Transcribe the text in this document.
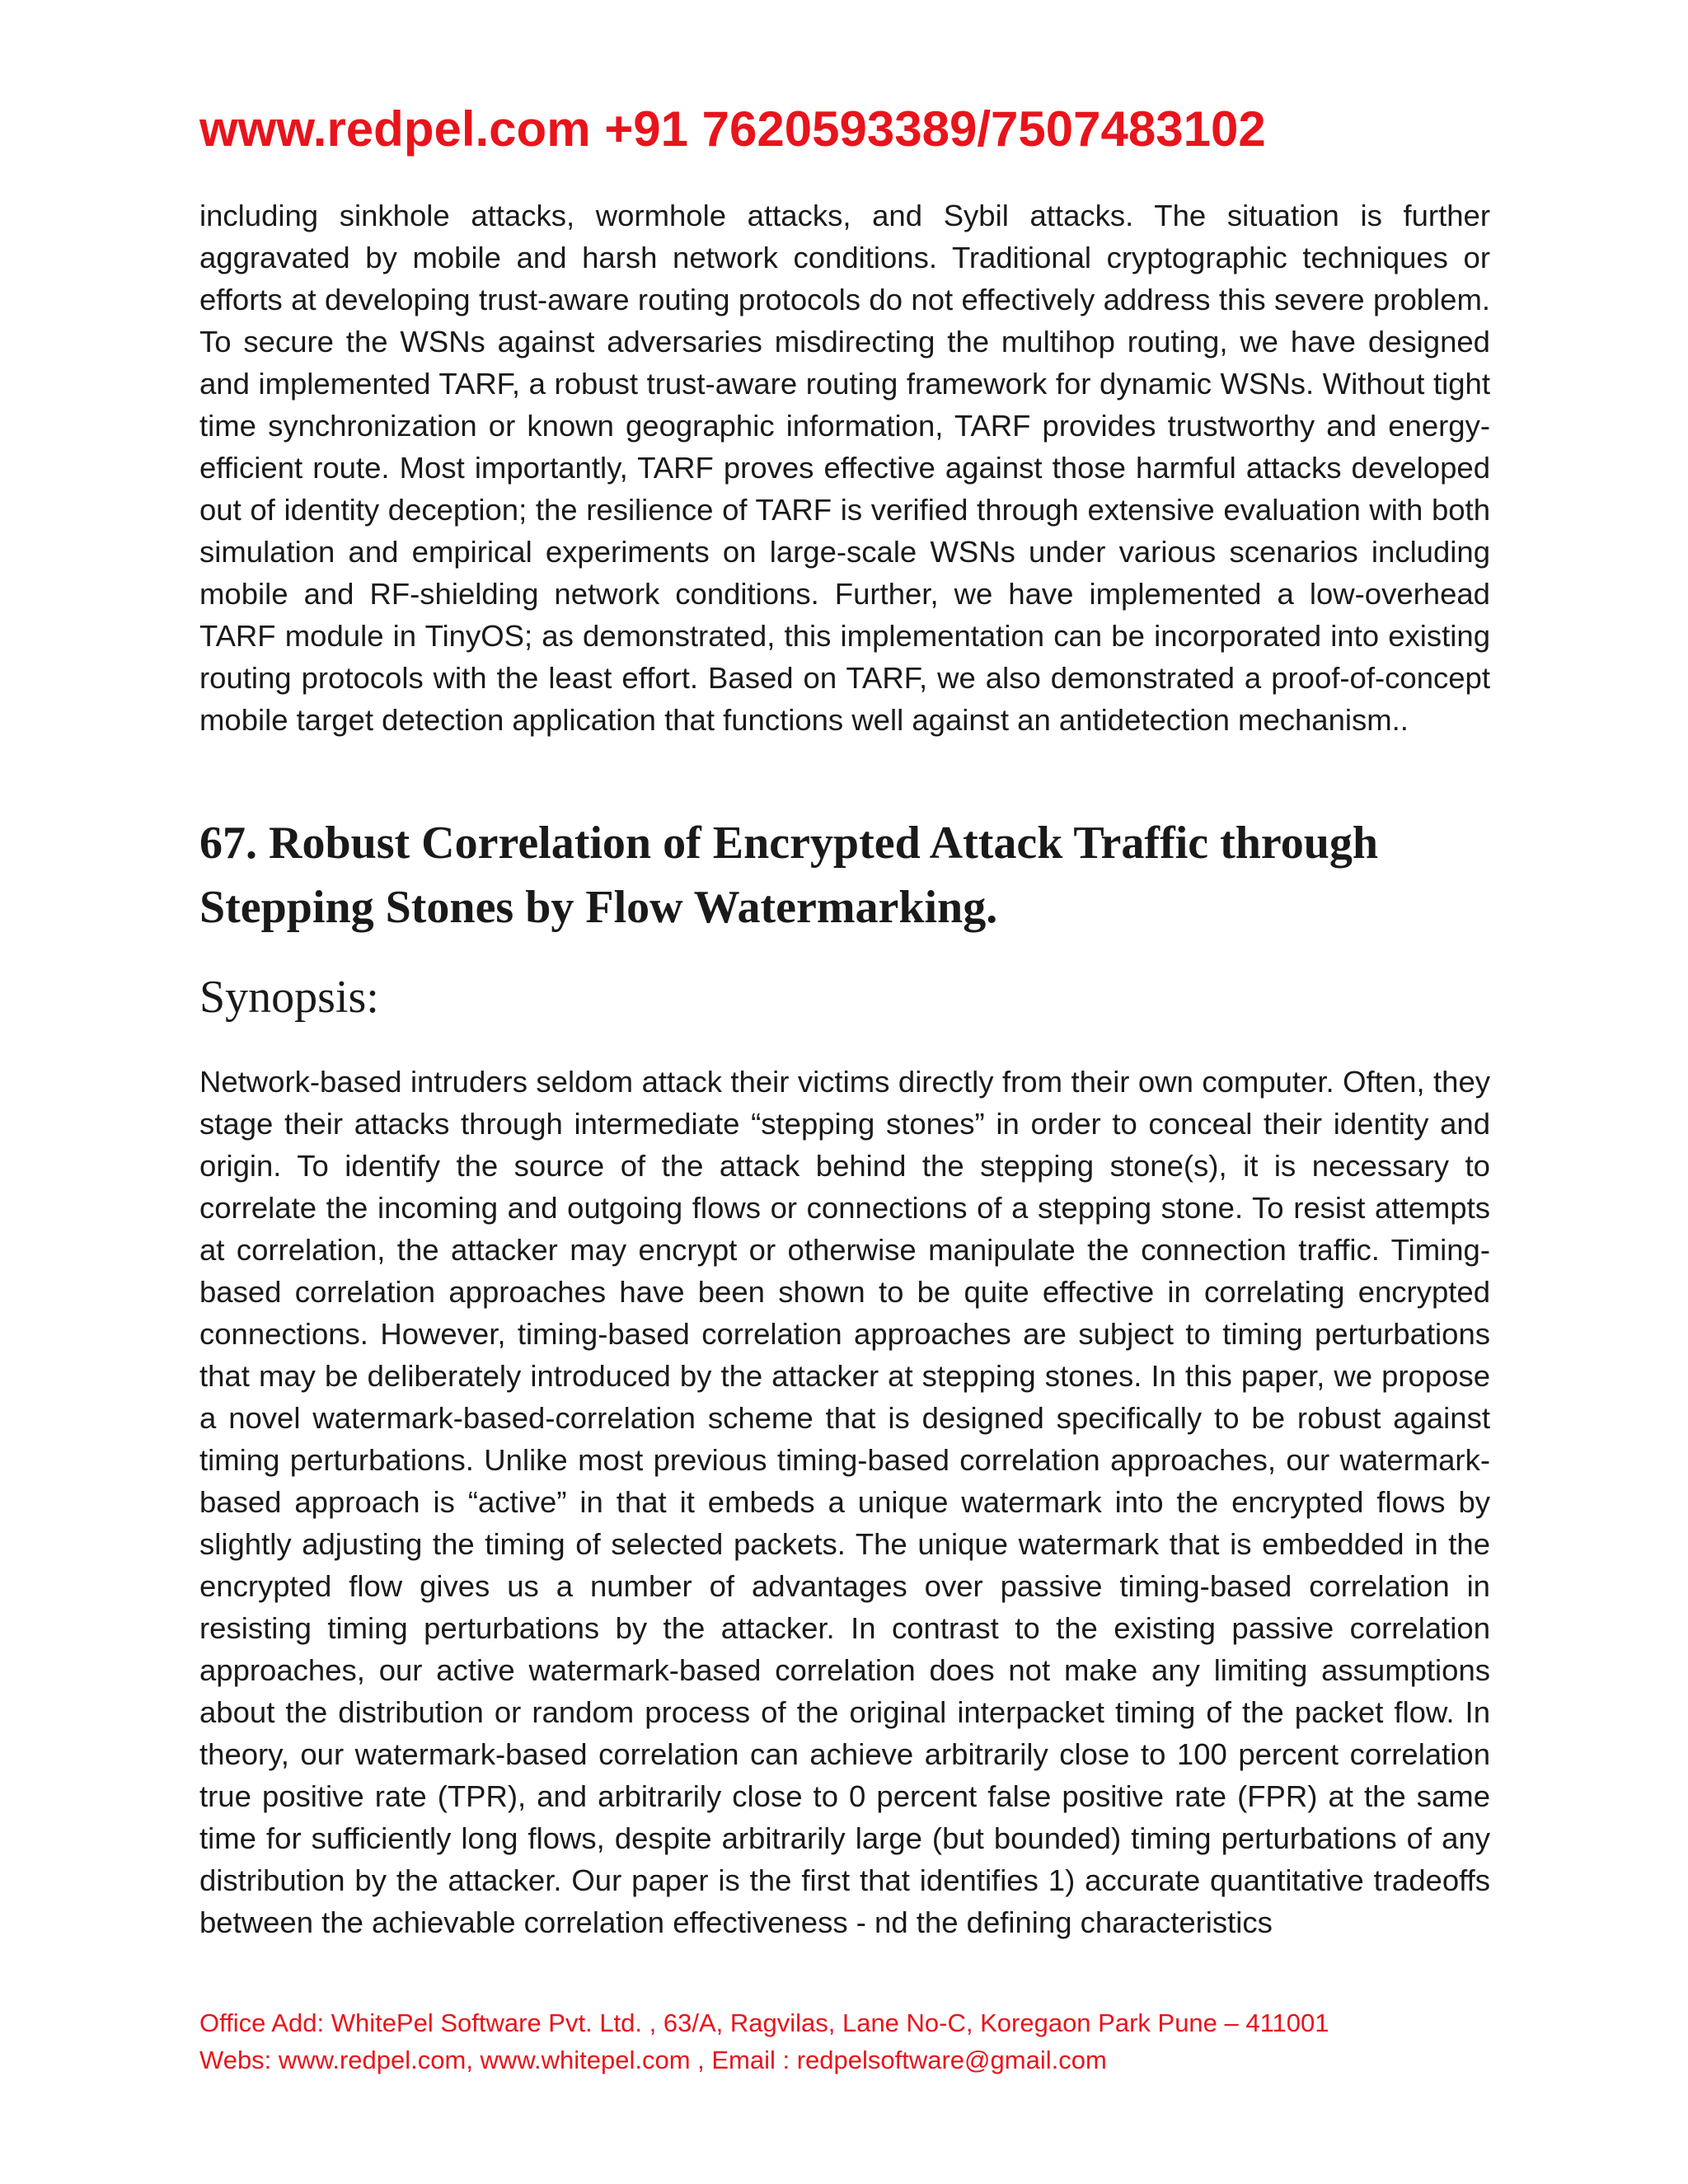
www.redpel.com +91 7620593389/7507483102

including sinkhole attacks, wormhole attacks, and Sybil attacks. The situation is further aggravated by mobile and harsh network conditions. Traditional cryptographic techniques or efforts at developing trust-aware routing protocols do not effectively address this severe problem. To secure the WSNs against adversaries misdirecting the multihop routing, we have designed and implemented TARF, a robust trust-aware routing framework for dynamic WSNs. Without tight time synchronization or known geographic information, TARF provides trustworthy and energy-efficient route. Most importantly, TARF proves effective against those harmful attacks developed out of identity deception; the resilience of TARF is verified through extensive evaluation with both simulation and empirical experiments on large-scale WSNs under various scenarios including mobile and RF-shielding network conditions. Further, we have implemented a low-overhead TARF module in TinyOS; as demonstrated, this implementation can be incorporated into existing routing protocols with the least effort. Based on TARF, we also demonstrated a proof-of-concept mobile target detection application that functions well against an antidetection mechanism..

67. Robust Correlation of Encrypted Attack Traffic through Stepping Stones by Flow Watermarking.
Synopsis:

Network-based intruders seldom attack their victims directly from their own computer. Often, they stage their attacks through intermediate “stepping stones” in order to conceal their identity and origin. To identify the source of the attack behind the stepping stone(s), it is necessary to correlate the incoming and outgoing flows or connections of a stepping stone. To resist attempts at correlation, the attacker may encrypt or otherwise manipulate the connection traffic. Timing-based correlation approaches have been shown to be quite effective in correlating encrypted connections. However, timing-based correlation approaches are subject to timing perturbations that may be deliberately introduced by the attacker at stepping stones. In this paper, we propose a novel watermark-based-correlation scheme that is designed specifically to be robust against timing perturbations. Unlike most previous timing-based correlation approaches, our watermark-based approach is “active” in that it embeds a unique watermark into the encrypted flows by slightly adjusting the timing of selected packets. The unique watermark that is embedded in the encrypted flow gives us a number of advantages over passive timing-based correlation in resisting timing perturbations by the attacker. In contrast to the existing passive correlation approaches, our active watermark-based correlation does not make any limiting assumptions about the distribution or random process of the original interpacket timing of the packet flow. In theory, our watermark-based correlation can achieve arbitrarily close to 100 percent correlation true positive rate (TPR), and arbitrarily close to 0 percent false positive rate (FPR) at the same time for sufficiently long flows, despite arbitrarily large (but bounded) timing perturbations of any distribution by the attacker. Our paper is the first that identifies 1) accurate quantitative tradeoffs between the achievable correlation effectiveness - nd the defining characteristics

Office Add: WhitePel Software Pvt. Ltd. , 63/A, Ragvilas, Lane No-C, Koregaon Park Pune – 411001
Webs: www.redpel.com, www.whitepel.com , Email : redpelsoftware@gmail.com
